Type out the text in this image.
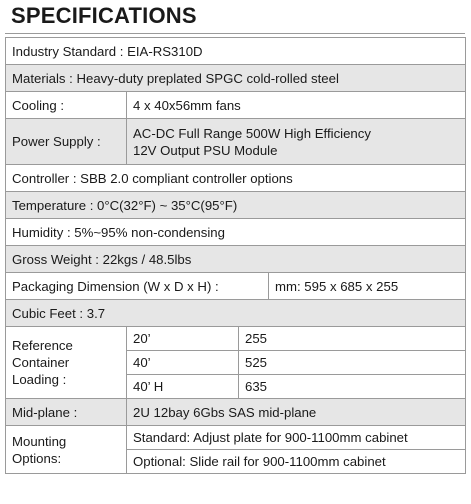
SPECIFICATIONS
Industry Standard : EIA-RS310D			
Materials : Heavy-duty preplated SPGC cold-rolled steel			
Cooling :	4 x 40x56mm fans		
Power Supply :	AC-DC Full Range 500W High Efficiency
12V Output PSU Module		

Controller : SBB 2.0 compliant controller options			
Temperature : 0°C(32°F) ~ 35°C(95°F)			
Humidity : 5%~95% non-condensing			
Gross Weight : 22kgs / 48.5lbs			
Packaging Dimension (W x D x H) :			mm: 595 x 685 x 255
Cubic Feet : 3.7			

Reference
Container
Loading :	20’	255	
	40’	525	
	40’ H	635	
Mid-plane :	2U 12bay 6Gbs SAS mid-plane		

Mounting
Options:	Standard: Adjust plate for 900-1100mm cabinet		
	Optional: Slide rail for 900-1100mm cabinet		
